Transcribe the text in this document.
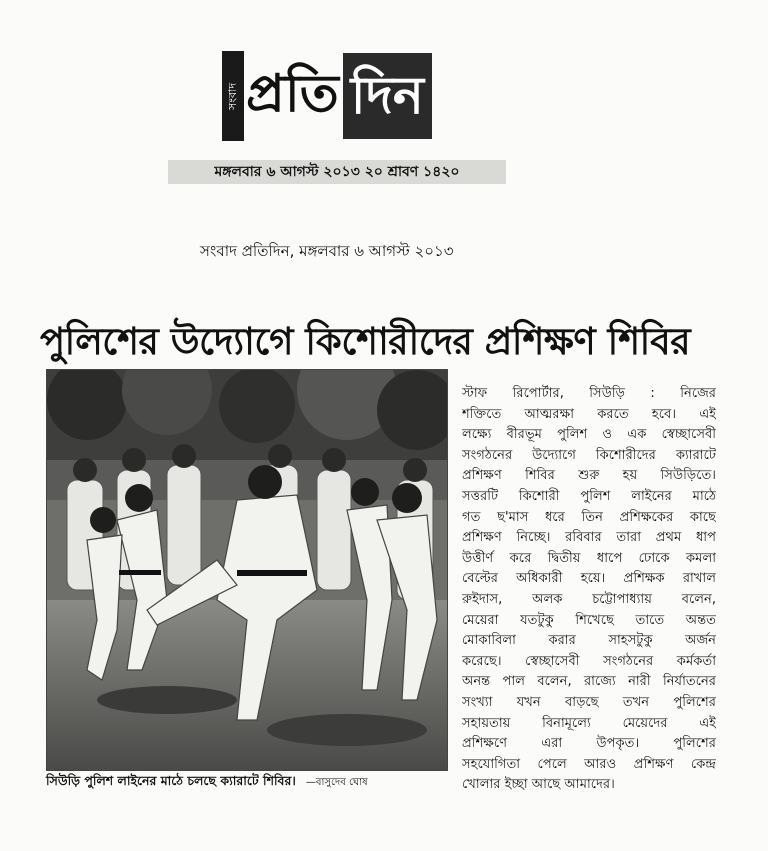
সংবাদ প্রতি দিন
মঙ্গলবার ৬ আগস্ট ২০১৩ ২০ শ্রাবণ ১৪২০
সংবাদ প্রতিদিন, মঙ্গলবার ৬ আগস্ট ২০১৩
পুলিশের উদ্যোগে কিশোরীদের প্রশিক্ষণ শিবির
সিউড়ি পুলিশ লাইনের মাঠে চলছে ক্যারাটে শিবির। —বাসুদেব ঘোষ
স্টাফ রিপোর্টার, সিউড়ি : নিজের
শক্তিতে আত্মরক্ষা করতে হবে। এই
লক্ষ্যে বীরভূম পুলিশ ও এক স্বেচ্ছাসেবী
সংগঠনের উদ্যোগে কিশোরীদের ক্যারাটে
প্রশিক্ষণ শিবির শুরু হয় সিউড়িতে।
সত্তরটি কিশোরী পুলিশ লাইনের মাঠে
গত ছ'মাস ধরে তিন প্রশিক্ষকের কাছে
প্রশিক্ষণ নিচ্ছে। রবিবার তারা প্রথম ধাপ
উত্তীর্ণ করে দ্বিতীয় ধাপে ঢোকে কমলা
বেল্টের অধিকারী হয়ে। প্রশিক্ষক রাখাল
রুইদাস, অলক চট্টোপাধ্যায় বলেন,
মেয়েরা যতটুকু শিখেছে তাতে অন্তত
মোকাবিলা করার সাহসটুকু অর্জন
করেছে। স্বেচ্ছাসেবী সংগঠনের কর্মকর্তা
অনন্ত পাল বলেন, রাজ্যে নারী নির্যাতনের
সংখ্যা যখন বাড়ছে তখন পুলিশের
সহায়তায় বিনামূল্যে মেয়েদের এই
প্রশিক্ষণে এরা উপকৃত। পুলিশের
সহযোগিতা পেলে আরও প্রশিক্ষণ কেন্দ্র
খোলার ইচ্ছা আছে আমাদের।
